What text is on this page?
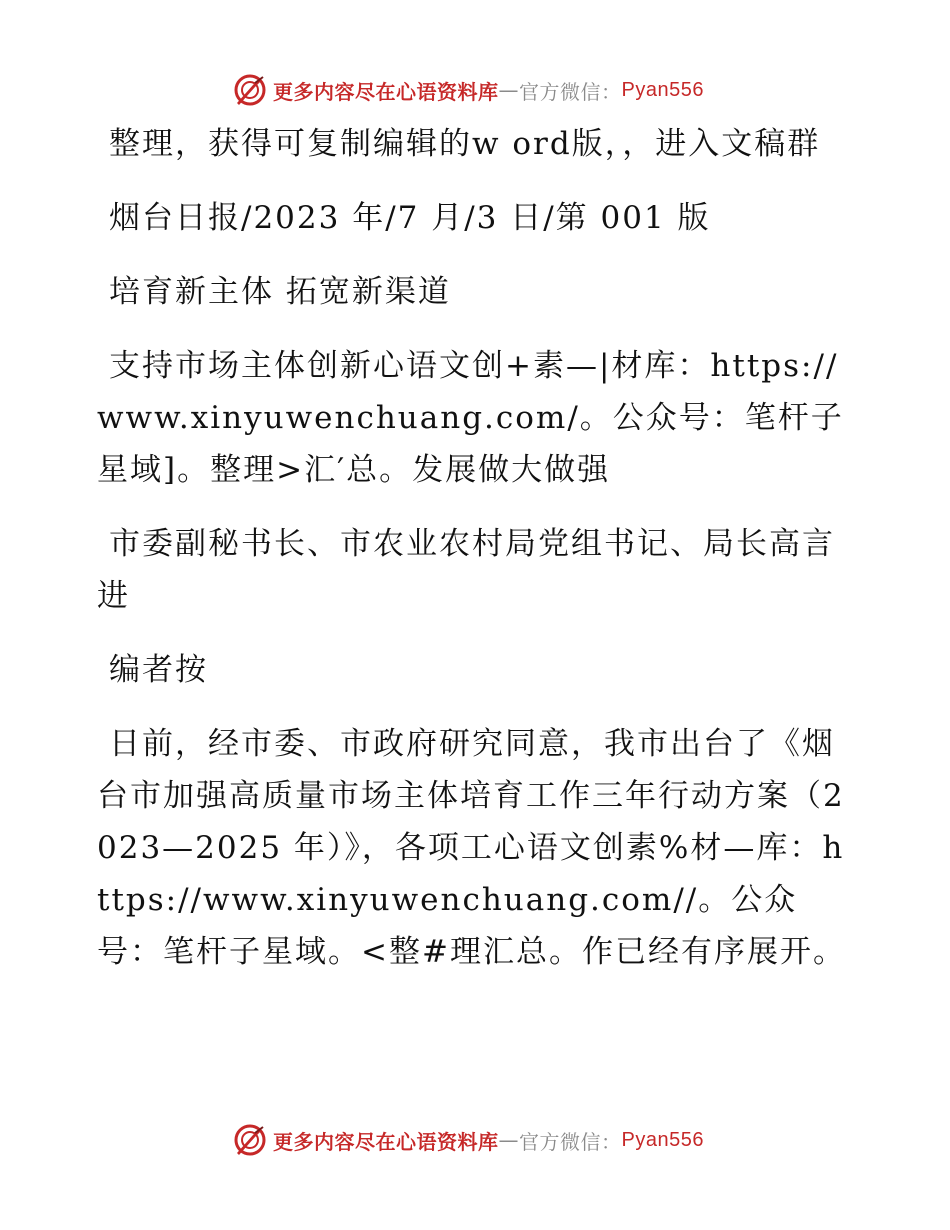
更多内容尽在心语资料库 — 官方微信： Pyan556

整理，获得可复制编辑的w ord版，，进入文稿群

烟台日报/2023 年/7 月/3 日/第 001 版

培育新主体 拓宽新渠道

支持市场主体创新心语文创+素—|材库：https://www.xinyuwenchuang.com/。公众号：笔杆子星域]。整理>汇′总。发展做大做强

市委副秘书长、市农业农村局党组书记、局长高言进

编者按

日前，经市委、市政府研究同意，我市出台了《烟台市加强高质量市场主体培育工作三年行动方案（2023—2025 年）》，各项工心语文创素%材—库：https://www.xinyuwenchuang.com//。公众号：笔杆子星域。<整#理汇总。作已经有序展开。

更多内容尽在心语资料库 — 官方微信： Pyan556
